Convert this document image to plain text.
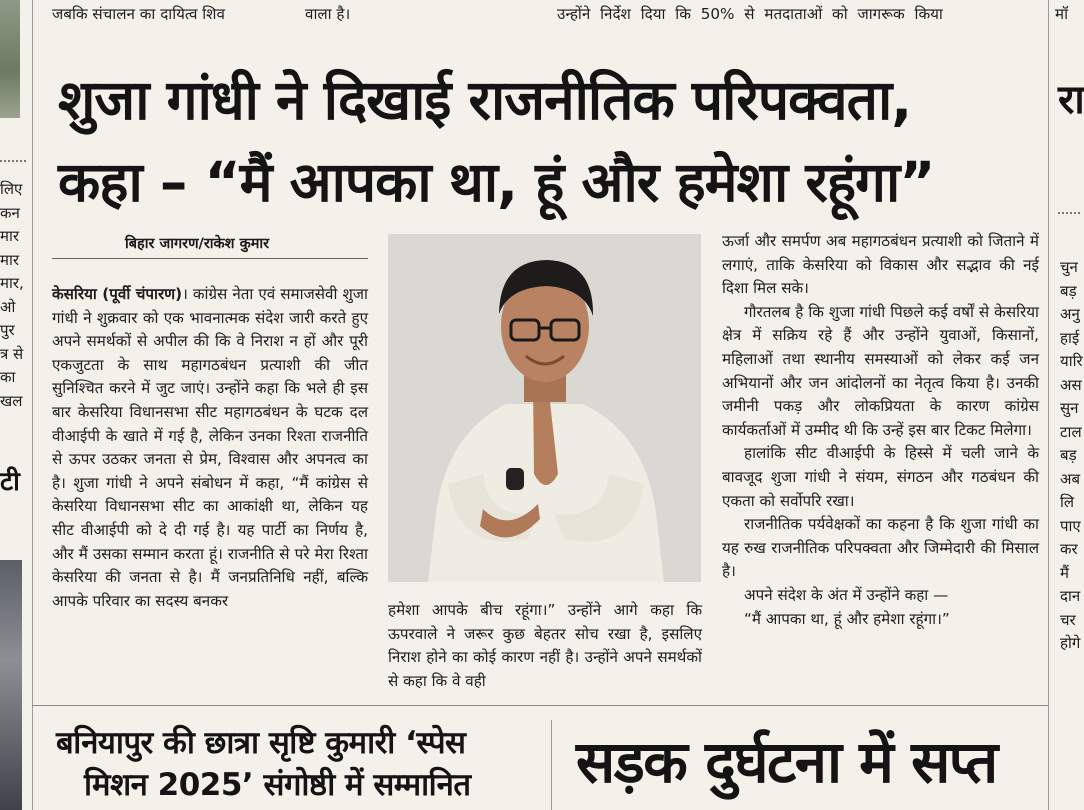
जबकि संचालन का दायित्व शिव	वाला है।	उन्होंने निर्देश दिया कि 50% से मतदाताओं को जागरूक किया	मॉ
लिए
कन
मार
मार
मार,
ओ
पुर
त्र से
का
खल
टी
शुजा गांधी ने दिखाई राजनीतिक परिपक्वता,
कहा – “मैं आपका था, हूं और हमेशा रहूंगा”
बिहार जागरण/राकेश कुमार
केसरिया (पूर्वी चंपारण)। कांग्रेस नेता एवं समाजसेवी शुजा गांधी ने शुक्रवार को एक भावनात्मक संदेश जारी करते हुए अपने समर्थकों से अपील की कि वे निराश न हों और पूरी एकजुटता के साथ महागठबंधन प्रत्याशी की जीत सुनिश्चित करने में जुट जाएं। उन्होंने कहा कि भले ही इस बार केसरिया विधानसभा सीट महागठबंधन के घटक दल वीआईपी के खाते में गई है, लेकिन उनका रिश्ता राजनीति से ऊपर उठकर जनता से प्रेम, विश्वास और अपनत्व का है। शुजा गांधी ने अपने संबोधन में कहा, “मैं कांग्रेस से केसरिया विधानसभा सीट का आकांक्षी था, लेकिन यह सीट वीआईपी को दे दी गई है। यह पार्टी का निर्णय है, और मैं उसका सम्मान करता हूं। राजनीति से परे मेरा रिश्ता केसरिया की जनता से है। मैं जनप्रतिनिधि नहीं, बल्कि आपके परिवार का सदस्य बनकर
हमेशा आपके बीच रहूंगा।” उन्होंने आगे कहा कि ऊपरवाले ने जरूर कुछ बेहतर सोच रखा है, इसलिए निराश होने का कोई कारण नहीं है। उन्होंने अपने समर्थकों से कहा कि वे वही

ऊर्जा और समर्पण अब महागठबंधन प्रत्याशी को जिताने में लगाएं, ताकि केसरिया को विकास और सद्भाव की नई दिशा मिल सके।

गौरतलब है कि शुजा गांधी पिछले कई वर्षों से केसरिया क्षेत्र में सक्रिय रहे हैं और उन्होंने युवाओं, किसानों, महिलाओं तथा स्थानीय समस्याओं को लेकर कई जन अभियानों और जन आंदोलनों का नेतृत्व किया है। उनकी जमीनी पकड़ और लोकप्रियता के कारण कांग्रेस कार्यकर्ताओं में उम्मीद थी कि उन्हें इस बार टिकट मिलेगा।

हालांकि सीट वीआईपी के हिस्से में चली जाने के बावजूद शुजा गांधी ने संयम, संगठन और गठबंधन की एकता को सर्वोपरि रखा।

राजनीतिक पर्यवेक्षकों का कहना है कि शुजा गांधी का यह रुख राजनीतिक परिपक्वता और जिम्मेदारी की मिसाल है।

अपने संदेश के अंत में उन्होंने कहा —

“मैं आपका था, हूं और हमेशा रहूंगा।”

रा
चुन
बड़
अनु
हाई
यारि
अस
सुन
टाल
बड़
अब
लि
पाए
कर
मैं
दान
चर
होगे
बनियापुर की छात्रा सृष्टि कुमारी ‘स्पेस
मिशन 2025’ संगोष्ठी में सम्मानित सड़क दुर्घटना में सप्त
